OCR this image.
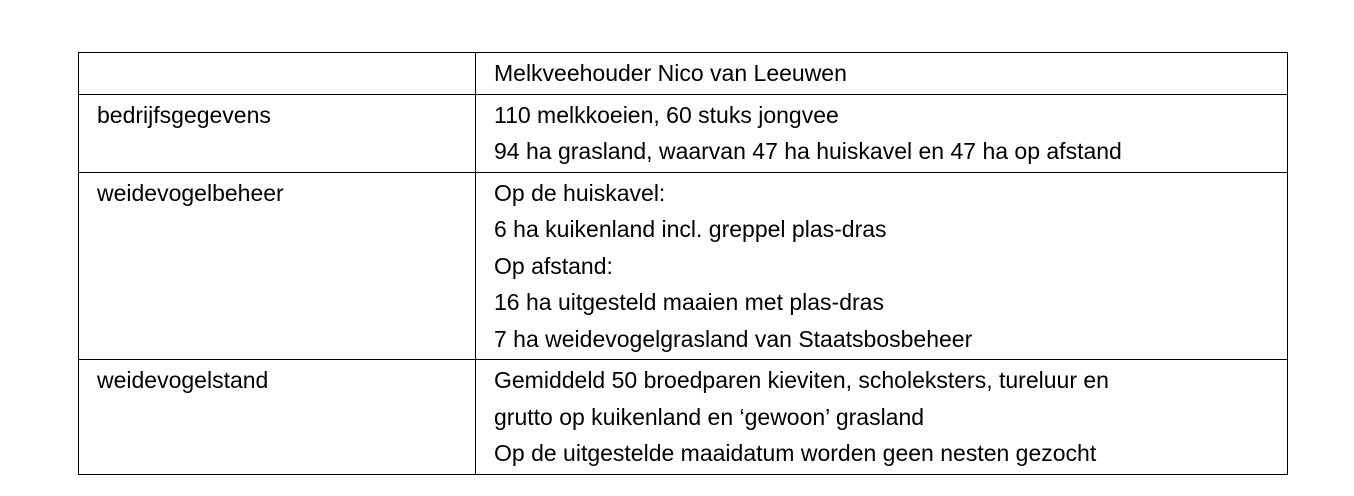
	Melkveehouder Nico van Leeuwen

bedrijfsgegevens	110 melkkoeien, 60 stuks jongvee
94 ha grasland, waarvan 47 ha huiskavel en 47 ha op afstand

weidevogelbeheer	Op de huiskavel:
6 ha kuikenland incl. greppel plas-dras
Op afstand:
16 ha uitgesteld maaien met plas-dras
7 ha weidevogelgrasland van Staatsbosbeheer

weidevogelstand	Gemiddeld 50 broedparen kieviten, scholeksters, tureluur en
grutto op kuikenland en ‘gewoon’ grasland
Op de uitgestelde maaidatum worden geen nesten gezocht
